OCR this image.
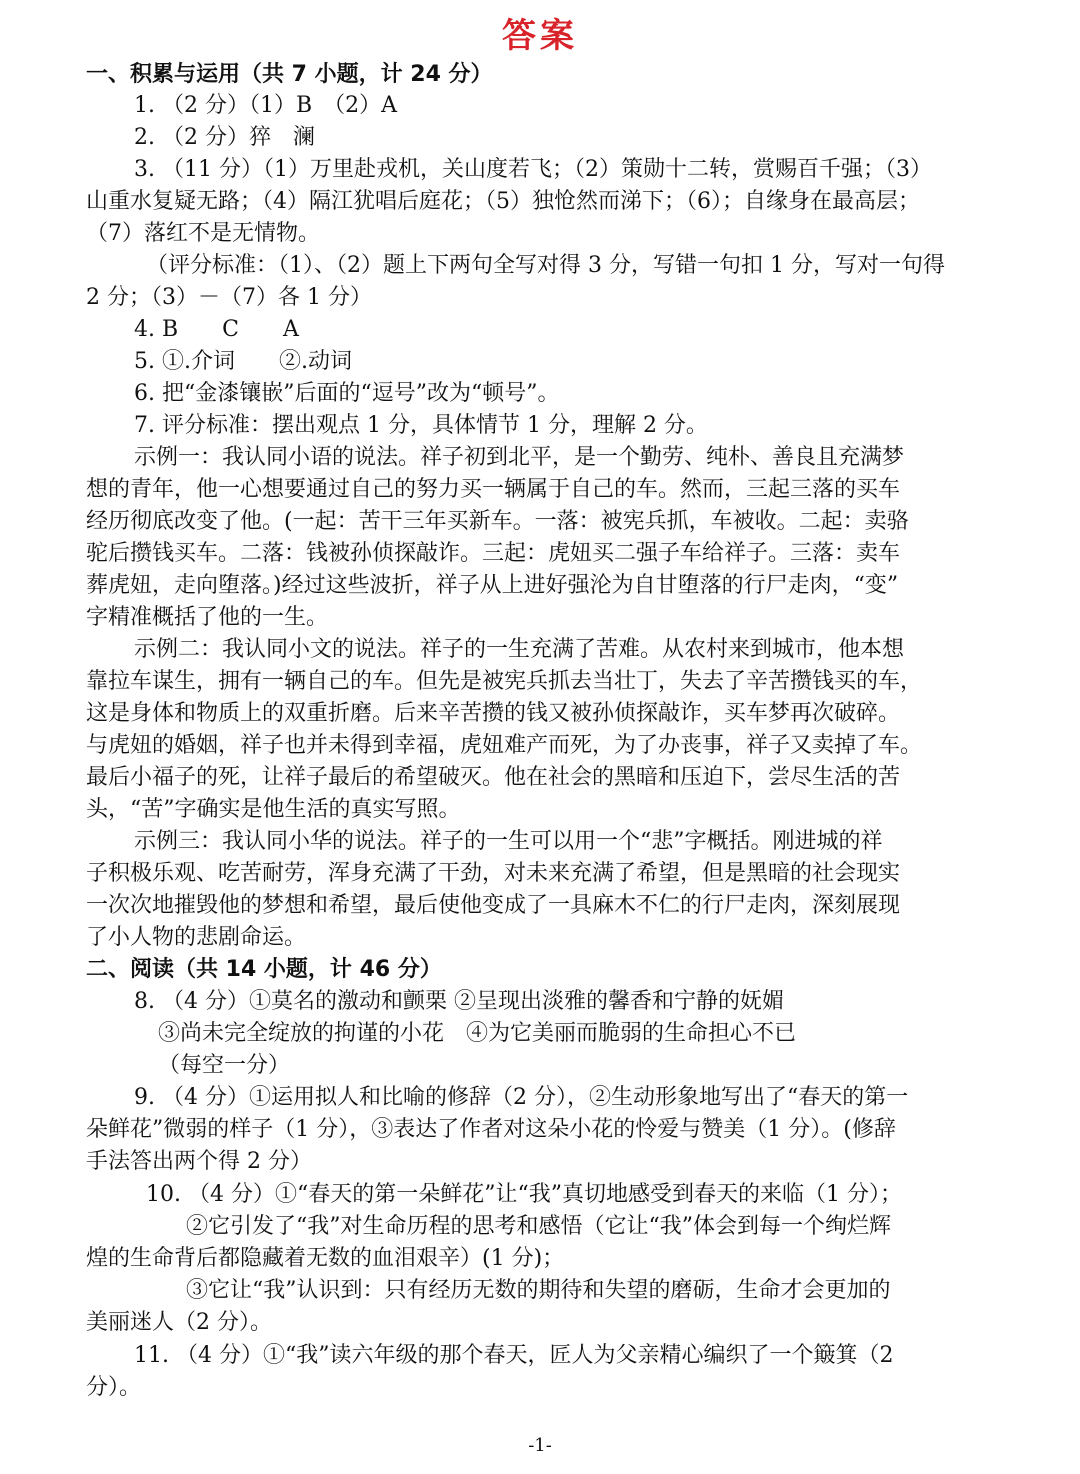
答案
一、积累与运用（共 7 小题，计 24 分）
1. （2 分）（1）B　（2）A
2. （2 分）猝　澜
3. （11 分）（1）万里赴戎机，关山度若飞；（2）策勋十二转，赏赐百千强；（3）
山重水复疑无路；（4）隔江犹唱后庭花；（5）独怆然而涕下；（6）；自缘身在最高层；
（7）落红不是无情物。
（评分标准：（1）、（2）题上下两句全写对得 3 分，写错一句扣 1 分，写对一句得
2 分；（3）－（7）各 1 分）
4. B　　C　　A
5. ①.介词　　②.动词
6. 把“金漆镶嵌”后面的“逗号”改为“顿号”。
7. 评分标准：摆出观点 1 分，具体情节 1 分，理解 2 分。
示例一：我认同小语的说法。祥子初到北平，是一个勤劳、纯朴、善良且充满梦
想的青年，他一心想要通过自己的努力买一辆属于自己的车。然而，三起三落的买车
经历彻底改变了他。(一起：苦干三年买新车。一落：被宪兵抓，车被收。二起：卖骆
驼后攒钱买车。二落：钱被孙侦探敲诈。三起：虎妞买二强子车给祥子。三落：卖车
葬虎妞，走向堕落。)经过这些波折，祥子从上进好强沦为自甘堕落的行尸走肉，“变”
字精准概括了他的一生。
示例二：我认同小文的说法。祥子的一生充满了苦难。从农村来到城市，他本想
靠拉车谋生，拥有一辆自己的车。但先是被宪兵抓去当壮丁，失去了辛苦攒钱买的车，
这是身体和物质上的双重折磨。后来辛苦攒的钱又被孙侦探敲诈，买车梦再次破碎。
与虎妞的婚姻，祥子也并未得到幸福，虎妞难产而死，为了办丧事，祥子又卖掉了车。
最后小福子的死，让祥子最后的希望破灭。他在社会的黑暗和压迫下，尝尽生活的苦
头，“苦”字确实是他生活的真实写照。
示例三：我认同小华的说法。祥子的一生可以用一个“悲”字概括。刚进城的祥
子积极乐观、吃苦耐劳，浑身充满了干劲，对未来充满了希望，但是黑暗的社会现实
一次次地摧毁他的梦想和希望，最后使他变成了一具麻木不仁的行尸走肉，深刻展现
了小人物的悲剧命运。
二、阅读（共 14 小题，计 46 分）
8. （4 分）①莫名的激动和颤栗 ②呈现出淡雅的馨香和宁静的妩媚
③尚未完全绽放的拘谨的小花　④为它美丽而脆弱的生命担心不已
（每空一分）
9. （4 分）①运用拟人和比喻的修辞（2 分），②生动形象地写出了“春天的第一
朵鲜花”微弱的样子（1 分），③表达了作者对这朵小花的怜爱与赞美（1 分）。(修辞
手法答出两个得 2 分）
10. （4 分）①“春天的第一朵鲜花”让“我”真切地感受到春天的来临（1 分）；
②它引发了“我”对生命历程的思考和感悟（它让“我”体会到每一个绚烂辉
煌的生命背后都隐藏着无数的血泪艰辛）(1 分)；
③它让“我”认识到：只有经历无数的期待和失望的磨砺，生命才会更加的
美丽迷人（2 分）。
11. （4 分）①“我”读六年级的那个春天，匠人为父亲精心编织了一个簸箕（2
分）。
-1-
